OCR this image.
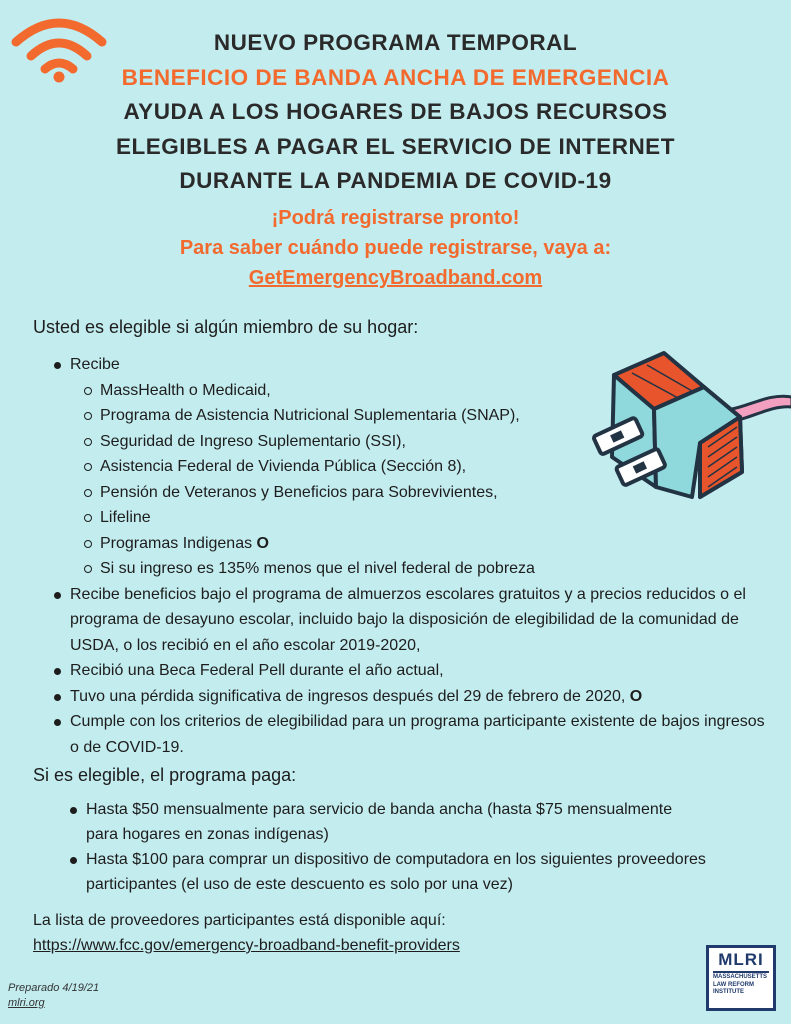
NUEVO PROGRAMA TEMPORAL
BENEFICIO DE BANDA ANCHA DE EMERGENCIA
AYUDA A LOS HOGARES DE BAJOS RECURSOS
ELEGIBLES A PAGAR EL SERVICIO DE INTERNET
DURANTE LA PANDEMIA DE COVID-19
¡Podrá registrarse pronto!
Para saber cuándo puede registrarse, vaya a:
GetEmergencyBroadband.com
Usted es elegible si algún miembro de su hogar:
Recibe
MassHealth o Medicaid,
Programa de Asistencia Nutricional Suplementaria (SNAP),
Seguridad de Ingreso Suplementario (SSI),
Asistencia Federal de Vivienda Pública (Sección 8),
Pensión de Veteranos y Beneficios para Sobrevivientes,
Lifeline
Programas Indigenas O
Si su ingreso es 135% menos que el nivel federal de pobreza
Recibe beneficios bajo el programa de almuerzos escolares gratuitos y a precios reducidos o el programa de desayuno escolar, incluido bajo la disposición de elegibilidad de la comunidad de USDA, o los recibió en el año escolar 2019-2020,
Recibió una Beca Federal Pell durante el año actual,
Tuvo una pérdida significativa de ingresos después del 29 de febrero de 2020, O
Cumple con los criterios de elegibilidad para un programa participante existente de bajos ingresos o de COVID-19.
Si es elegible, el programa paga:
Hasta $50 mensualmente para servicio de banda ancha (hasta $75 mensualmente para hogares en zonas indígenas)
Hasta $100 para comprar un dispositivo de computadora en los siguientes proveedores participantes (el uso de este descuento es solo por una vez)
La lista de proveedores participantes está disponible aquí:
https://www.fcc.gov/emergency-broadband-benefit-providers
Preparado 4/19/21
mlri.org
MLRI
MASSACHUSETTS
LAW REFORM
INSTITUTE
